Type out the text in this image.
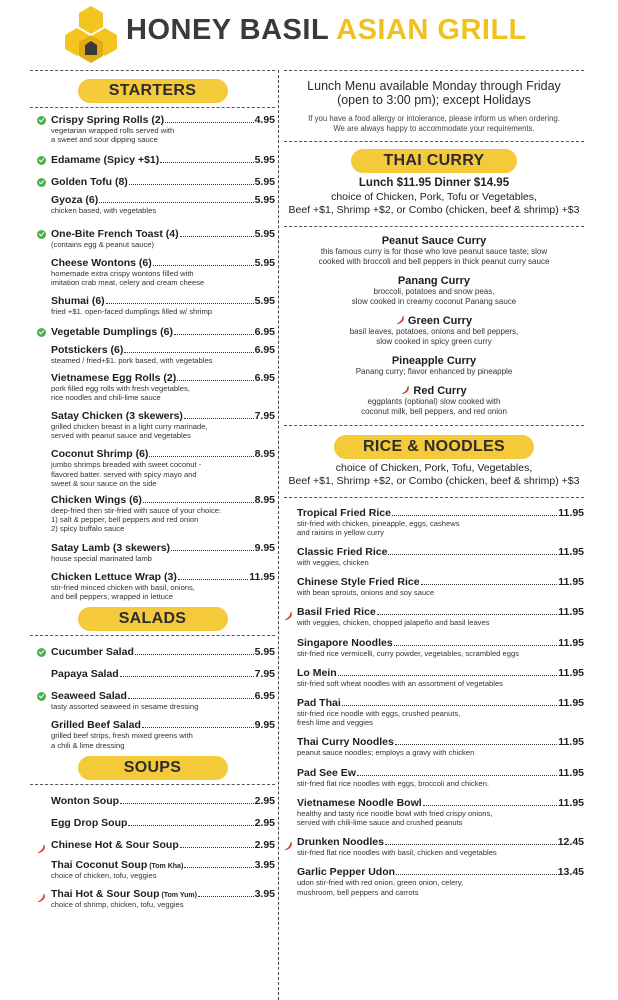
HONEY BASIL ASIAN GRILL
STARTERS
Crispy Spring Rolls (2)	4.95
vegetarian wrapped rolls served with
a sweet and sour dipping sauce
Edamame (Spicy +$1)	5.95
Golden Tofu (8)	5.95
Gyoza (6)	5.95
chicken based, with vegetables
One-Bite French Toast (4)	5.95
(contains egg & peanut sauce)
Cheese Wontons (6)	5.95
homemade extra crispy wontons filled with
imitation crab meat, celery and cream cheese
Shumai (6)	5.95
fried +$1. open-faced dumplings filled w/ shrimp
Vegetable Dumplings (6)	6.95
Potstickers (6)	6.95
steamed / fried+$1. pork based, with vegetables
Vietnamese Egg Rolls (2)	6.95
pork filled egg rolls with fresh vegetables,
rice noodles and chili-lime sauce
Satay Chicken (3 skewers)	7.95
grilled chicken breast in a light curry marinade,
served with peanut sauce and vegetables
Coconut Shrimp (6)	8.95
jumbo shrimps breaded with sweet coconut -
flavored batter. served with spicy mayo and
sweet & sour sauce on the side
Chicken Wings (6)	8.95
deep-fried then stir-fried with sauce of your choice:
1) salt & pepper, bell peppers and red onion
2) spicy buffalo sauce
Satay Lamb (3 skewers)	9.95
house special marinated lamb
Chicken Lettuce Wrap (3)	11.95
stir-fried minced chicken with basil, onions,
and bell peppers, wrapped in lettuce
SALADS
Cucumber Salad	5.95
Papaya Salad	7.95
Seaweed Salad	6.95
tasty assorted seaweed in sesame dressing
Grilled Beef Salad	9.95
grilled beef strips, fresh mixed greens with
a chili & lime dressing
SOUPS
Wonton Soup	2.95
Egg Drop Soup	2.95
Chinese Hot & Sour Soup	2.95
Thai Coconut Soup (Tom Kha)	3.95
choice of chicken, tofu, veggies
Thai Hot & Sour Soup (Tom Yum)	3.95
choice of shrimp, chicken, tofu, veggies
Lunch Menu available Monday through Friday
(open to 3:00 pm); except Holidays
If you have a food allergy or intolerance, please inform us when ordering.
We are always happy to accommodate your requirements.
THAI CURRY
Lunch $11.95 Dinner $14.95
choice of Chicken, Pork, Tofu or Vegetables,
Beef +$1, Shrimp +$2, or Combo (chicken, beef & shrimp) +$3
Peanut Sauce Curry
this famous curry is for those who love peanut sauce taste; slow
cooked with broccoli and bell peppers in thick peanut curry sauce
Panang Curry
broccoli, potatoes and snow peas,
slow cooked in creamy coconut Panang sauce
Green Curry
basil leaves, potatoes, onions and bell peppers,
slow cooked in spicy green curry
Pineapple Curry
Panang curry; flavor enhanced by pineapple
Red Curry
eggplants (optional) slow cooked with
coconut milk, bell peppers, and red onion
RICE & NOODLES
choice of Chicken, Pork, Tofu, Vegetables,
Beef +$1, Shrimp +$2, or Combo (chicken, beef & shrimp) +$3
Tropical Fried Rice	11.95
stir-fried with chicken, pineapple, eggs, cashews
and raisins in yellow curry
Classic Fried Rice	11.95
with veggies, chicken
Chinese Style Fried Rice	11.95
with bean sprouts, onions and soy sauce
Basil Fried Rice	11.95
with veggies, chicken, chopped jalapeño and basil leaves
Singapore Noodles	11.95
stir-fried rice vermicelli, curry powder, vegetables, scrambled eggs
Lo Mein	11.95
stir-fried soft wheat noodles with an assortment of vegetables
Pad Thai	11.95
stir-fried rice noodle with eggs, crushed peanuts,
fresh lime and veggies
Thai Curry Noodles	11.95
peanut sauce noodles; employs a gravy with chicken
Pad See Ew	11.95
stir-fried flat rice noodles with eggs, broccoli and chicken.
Vietnamese Noodle Bowl	11.95
healthy and tasty rice noodle bowl with fried crispy onions,
served with chili-lime sauce and crushed peanuts
Drunken Noodles	12.45
stir-fried flat rice noodles with basil, chicken and vegetables
Garlic Pepper Udon	13.45
udon stir-fried with red onion, green onion, celery,
mushroom, bell peppers and carrots
